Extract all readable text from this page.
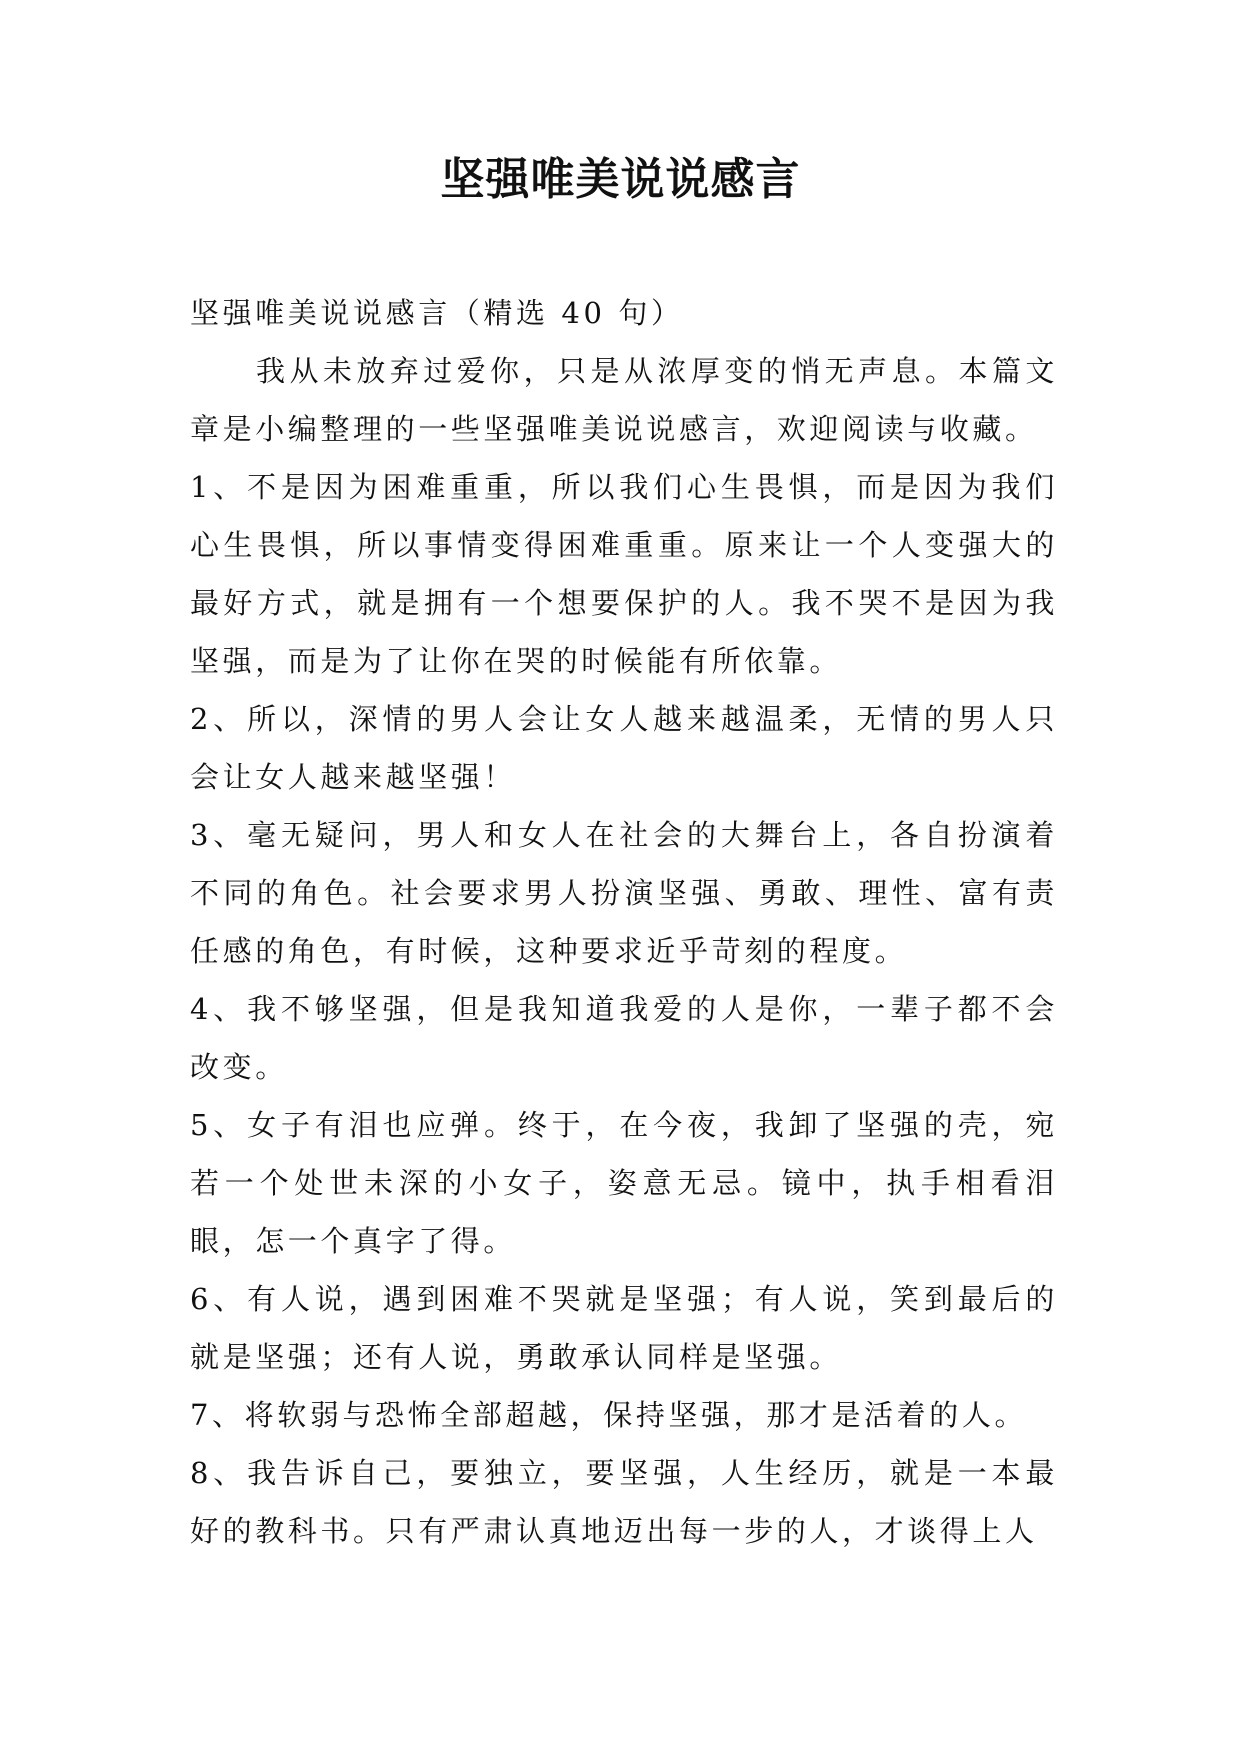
坚强唯美说说感言

坚强唯美说说感言（精选 40 句）

我从未放弃过爱你，只是从浓厚变的悄无声息。本篇文章是小编整理的一些坚强唯美说说感言，欢迎阅读与收藏。

1、不是因为困难重重，所以我们心生畏惧，而是因为我们心生畏惧，所以事情变得困难重重。原来让一个人变强大的最好方式，就是拥有一个想要保护的人。我不哭不是因为我坚强，而是为了让你在哭的时候能有所依靠。

2、所以，深情的男人会让女人越来越温柔，无情的男人只会让女人越来越坚强！

3、毫无疑问，男人和女人在社会的大舞台上，各自扮演着不同的角色。社会要求男人扮演坚强、勇敢、理性、富有责任感的角色，有时候，这种要求近乎苛刻的程度。

4、我不够坚强，但是我知道我爱的人是你，一辈子都不会改变。

5、女子有泪也应弹。终于，在今夜，我卸了坚强的壳，宛若一个处世未深的小女子，姿意无忌。镜中，执手相看泪眼，怎一个真字了得。

6、有人说，遇到困难不哭就是坚强；有人说，笑到最后的就是坚强；还有人说，勇敢承认同样是坚强。

7、将软弱与恐怖全部超越，保持坚强，那才是活着的人。

8、我告诉自己，要独立，要坚强，人生经历，就是一本最好的教科书。只有严肃认真地迈出每一步的人，才谈得上人
